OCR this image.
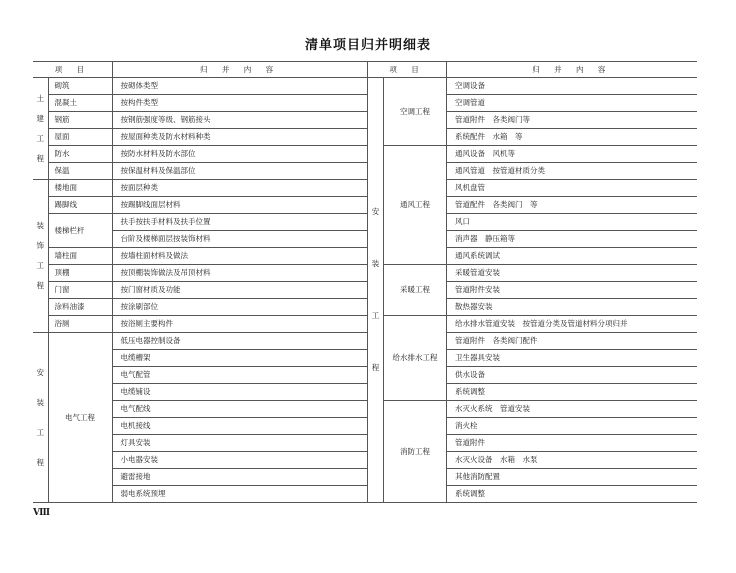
清单项目归并明细表
项 目		归 并 内 容
土建工程	砌筑	按砌体类型
	混凝土	按构件类型
	钢筋	按钢筋强度等级、钢筋接头
	屋面	按屋面种类及防水材料种类
	防水	按防水材料及防水部位
	保温	按保温材料及保温部位
装饰工程	楼地面	按面层种类
	踢脚线	按踢脚线面层材料
	楼梯栏杆	扶手按扶手材料及扶手位置
		台阶及楼梯面层按装饰材料
	墙柱面	按墙柱面材料及做法
	顶棚	按顶棚装饰做法及吊顶材料
	门窗	按门窗材质及功能
	涂料油漆	按涂刷部位
	浴厕	按浴厕主要构件
安装工程	电气工程	低压电器控制设备
		电缆槽架
		电气配管
		电缆铺设
		电气配线
		电机接线
		灯具安装
		小电器安装
		避雷接地
		弱电系统预埋
项 目		归 并 内 容
安装工程	空调工程	空调设备
		空调管道
		管道附件　各类阀门等
		系统配件　水箱　等
	通风工程	通风设备　风机等
		通风管道　按管道材质分类
		风机盘管
		管道配件　各类阀门　等
		风口
		消声器　静压箱等
		通风系统调试
	采暖工程	采暖管道安装
		管道附件安装
		散热器安装
	给水排水工程	给水排水管道安装　按管道分类及管道材料分项归并
		管道附件　各类阀门配件
		卫生器具安装
		供水设备
		系统调整
	消防工程	水灭火系统　管道安装
		消火栓
		管道附件
		水灭火设备　水箱　水泵
		其他消防配置
		系统调整
Ⅷ
